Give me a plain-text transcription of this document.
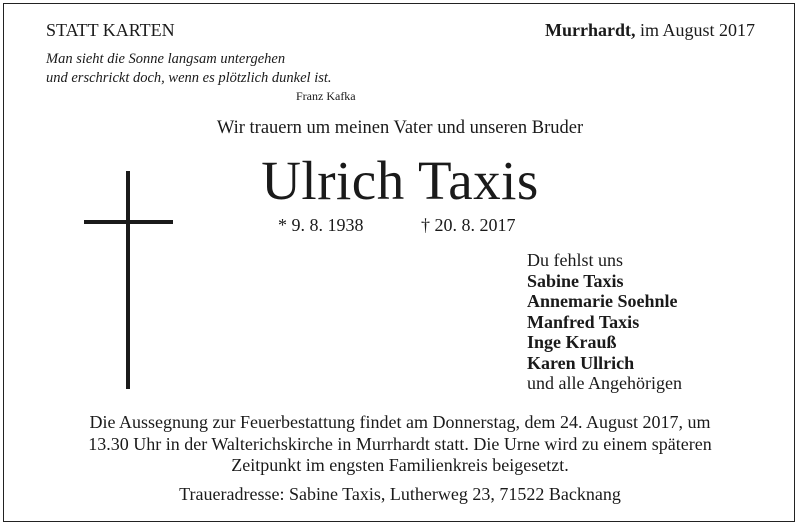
STATT KARTEN	Murrhardt, im August 2017
Man sieht die Sonne langsam untergehen
und erschrickt doch, wenn es plötzlich dunkel ist.
Franz Kafka
Wir trauern um meinen Vater und unseren Bruder
Ulrich Taxis
* 9. 8. 1938	† 20. 8. 2017
Du fehlst uns
Sabine Taxis
Annemarie Soehnle
Manfred Taxis
Inge Krauß
Karen Ullrich
und alle Angehörigen
Die Aussegnung zur Feuerbestattung findet am Donnerstag, dem 24. August 2017, um
13.30 Uhr in der Walterichskirche in Murrhardt statt. Die Urne wird zu einem späteren
Zeitpunkt im engsten Familienkreis beigesetzt.
Traueradresse: Sabine Taxis, Lutherweg 23, 71522 Backnang
